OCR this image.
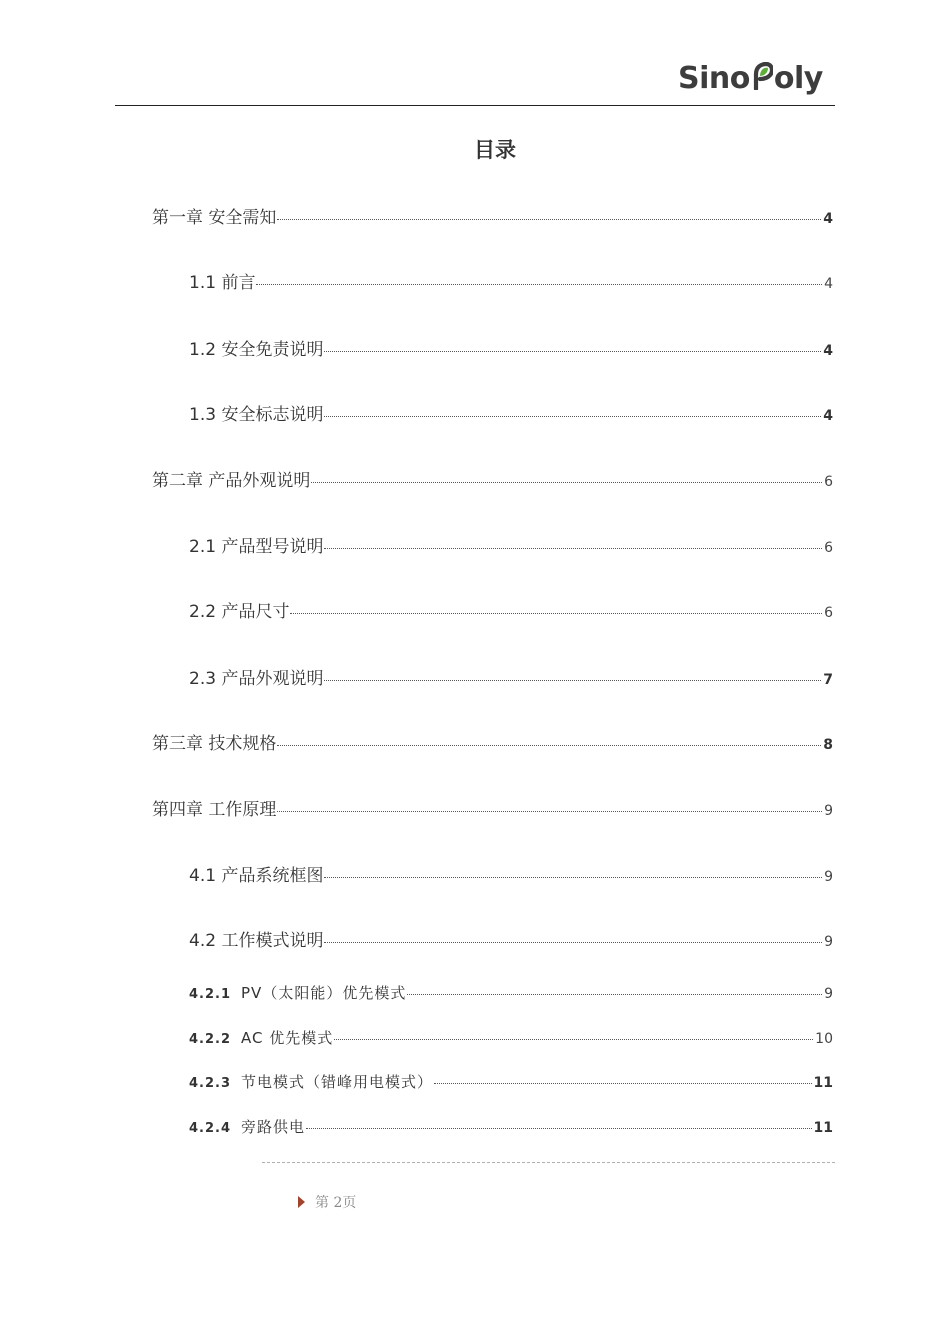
Sino oly
目录
第一章 安全需知	4
1.1 前言	4
1.2 安全免责说明	4
1.3 安全标志说明	4
第二章 产品外观说明	6
2.1 产品型号说明	6
2.2 产品尺寸	6
2.3 产品外观说明	7
第三章 技术规格	8
第四章 工作原理	9
4.1 产品系统框图	9
4.2 工作模式说明	9
4.2.1 PV（太阳能）优先模式	9
4.2.2 AC 优先模式	10
4.2.3 节电模式（错峰用电模式）	11
4.2.4 旁路供电	11
第 2页
